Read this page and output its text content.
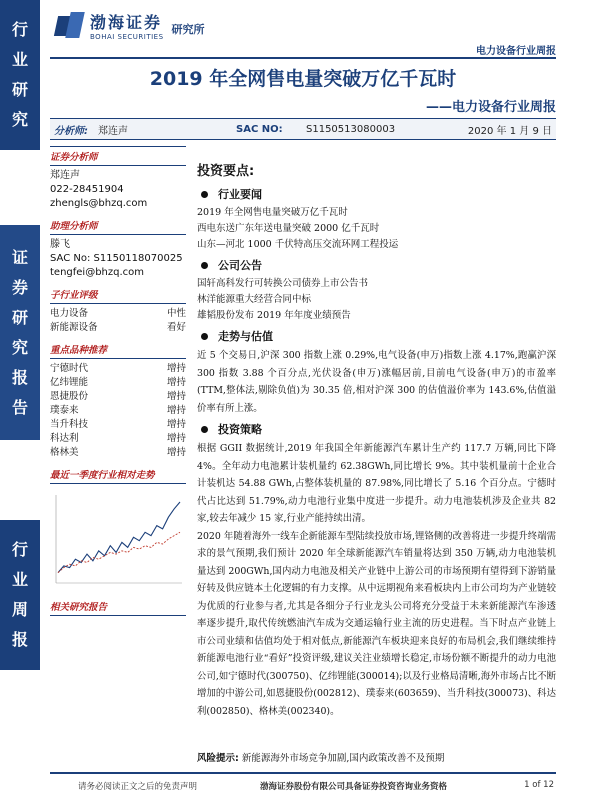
行
业
研
究
证
券
研
究
报
告
行
业
周
报
渤海证券
BOHAI SECURITIES
研究所
电力设备行业周报
2019 年全网售电量突破万亿千瓦时
——电力设备行业周报
分析师: 郑连声	SAC NO: S1150513080003	2020 年 1 月 9 日
证券分析师
郑连声
022-28451904
zhengls@bhzq.com
助理分析师
滕飞
SAC No: S1150118070025
tengfei@bhzq.com
子行业评级
电力设备	中性
新能源设备	看好
重点品种推荐
宁德时代	增持
亿纬锂能	增持
恩捷股份	增持
璞泰来	增持
当升科技	增持
科达利	增持
格林美	增持
最近一季度行业相对走势
相关研究报告
投资要点:
行业要闻
2019 年全网售电量突破万亿千瓦时
西电东送广东年送电量突破 2000 亿千瓦时
山东—河北 1000 千伏特高压交流环网工程投运
公司公告
国轩高科发行可转换公司债券上市公告书
林洋能源重大经营合同中标
雄韬股份发布 2019 年年度业绩预告
走势与估值
近 5 个交易日,沪深 300 指数上涨 0.29%,电气设备(申万)指数上涨 4.17%,跑赢沪深 300 指数 3.88 个百分点,光伏设备(申万)涨幅居前,目前电气设备(申万)的市盈率(TTM,整体法,剔除负值)为 30.35 倍,相对沪深 300 的估值溢价率为 143.6%,估值溢价率有所上涨。
投资策略
根据 GGII 数据统计,2019 年我国全年新能源汽车累计生产约 117.7 万辆,同比下降 4%。全年动力电池累计装机量约 62.38GWh,同比增长 9%。其中装机量前十企业合计装机达 54.88 GWh,占整体装机量的 87.98%,同比增长了 5.16 个百分点。宁德时代占比达到 51.79%,动力电池行业集中度进一步提升。动力电池装机涉及企业共 82 家,较去年减少 15 家,行业产能持续出清。
2020 年随着海外一线车企新能源车型陆续投放市场,锂铬侧的改善将进一步提升终端需求的景气预期,我们预计 2020 年全球新能源汽车销量将达到 350 万辆,动力电池装机量达到 200GWh,国内动力电池及相关产业链中上游公司的市场预期有望得到下游销量好转及供应链本土化逻辑的有力支撑。从中远期视角来看板块内上市公司均为产业链较为优质的行业参与者,尤其是各细分子行业龙头公司将充分受益于未来新能源汽车渗透率逐步提升,取代传统燃油汽车成为交通运输行业主流的历史进程。当下时点产业链上市公司业绩和估值均处于相对低点,新能源汽车板块迎来良好的布局机会,我们继续维持新能源电池行业“看好”投资评级,建议关注业绩增长稳定,市场份额不断提升的动力电池公司,如宁德时代(300750)、亿纬锂能(300014);以及行业格局清晰,海外市场占比不断增加的中游公司,如恩捷股份(002812)、璞泰来(603659)、当升科技(300073)、科达利(002850)、格林美(002340)。
风险提示: 新能源海外市场竞争加剧,国内政策改善不及预期
请务必阅读正文之后的免责声明	渤海证券股份有限公司具备证券投资咨询业务资格	1 of 12
